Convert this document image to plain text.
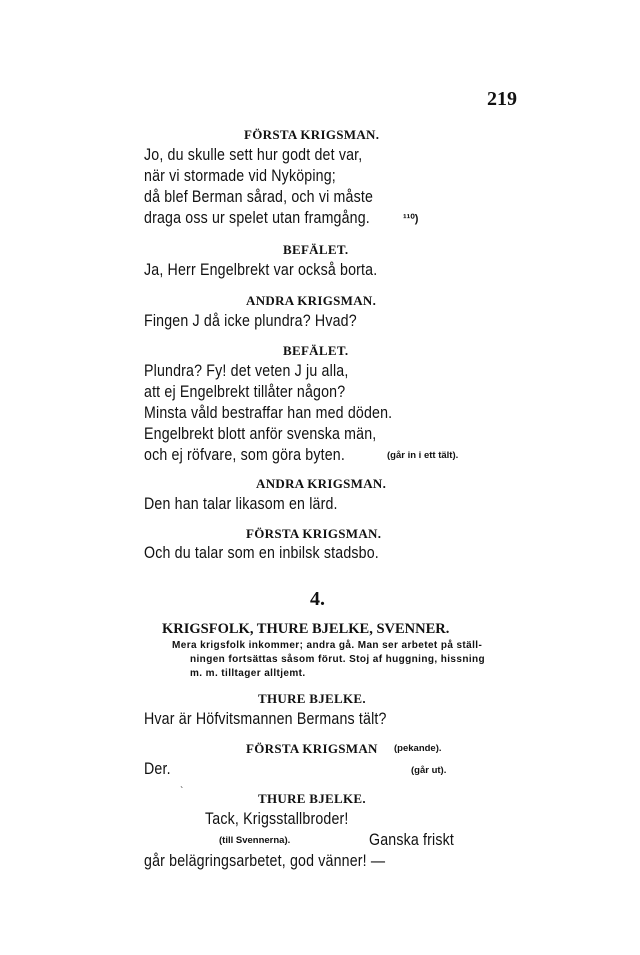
219
FÖRSTA KRIGSMAN.
Jo, du skulle sett hur godt det var,
när vi stormade vid Nyköping;
då blef Berman sårad, och vi måste
draga oss ur spelet utan framgång.	¹¹⁰)
BEFÄLET.
Ja, Herr Engelbrekt var också borta.
ANDRA KRIGSMAN.
Fingen J då icke plundra? Hvad?
BEFÄLET.
Plundra? Fy! det veten J ju alla,
att ej Engelbrekt tillåter någon?
Minsta våld bestraffar han med döden.
Engelbrekt blott anför svenska män,
och ej röfvare, som göra byten.	(går in i ett tält).
ANDRA KRIGSMAN.
Den han talar likasom en lärd.
FÖRSTA KRIGSMAN.
Och du talar som en inbilsk stadsbo.
4.
KRIGSFOLK, THURE BJELKE, SVENNER.
Mera krigsfolk inkommer; andra gå. Man ser arbetet på ställ-
ningen fortsättas såsom förut. Stoj af huggning, hissning
m. m. tilltager alltjemt.
THURE BJELKE.
Hvar är Höfvitsmannen Bermans tält?
FÖRSTA KRIGSMAN (pekande).
Der.	(går ut).
ˋ	THURE BJELKE.
Tack, Krigsstallbroder!
(till Svennerna).	Ganska friskt
går belägringsarbetet, god vänner! —
